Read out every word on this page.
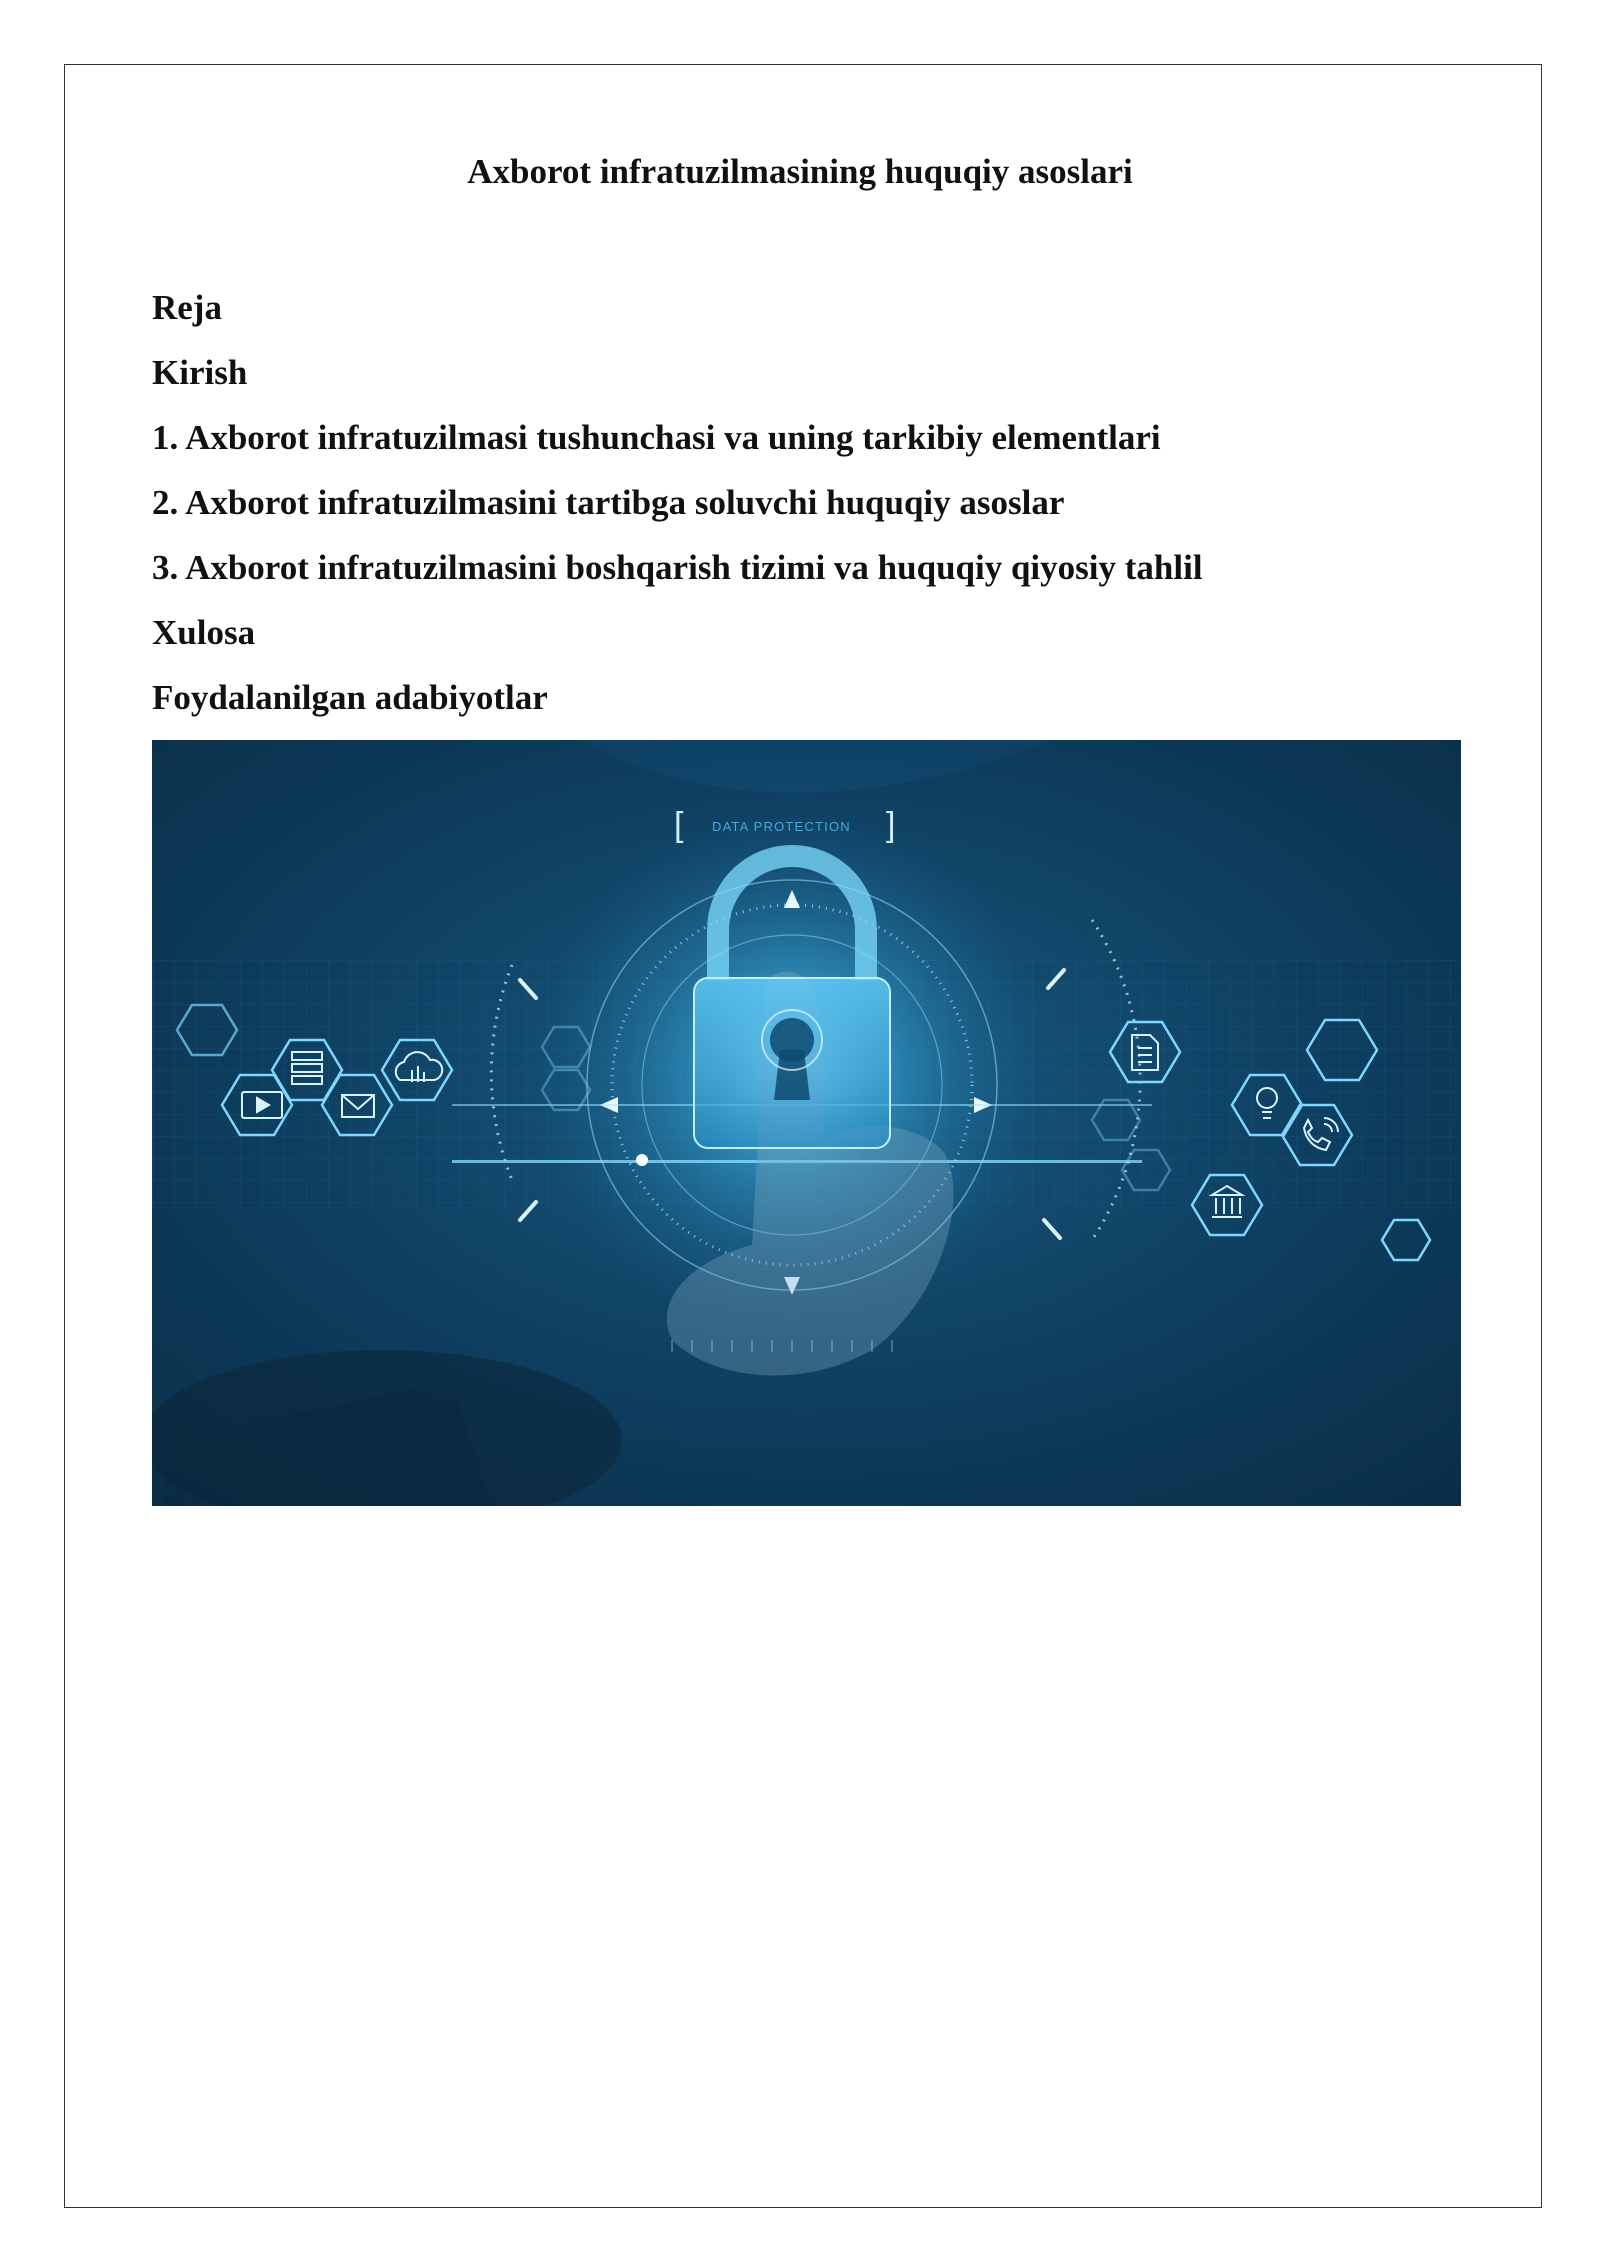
Axborot infratuzilmasining huquqiy asoslari
Reja
Kirish
1. Axborot infratuzilmasi tushunchasi va uning tarkibiy elementlari
2. Axborot infratuzilmasini tartibga soluvchi huquqiy asoslar
3. Axborot infratuzilmasini boshqarish tizimi va huquqiy qiyosiy tahlil
Xulosa
Foydalanilgan adabiyotlar
[	]
DATA PROTECTION
